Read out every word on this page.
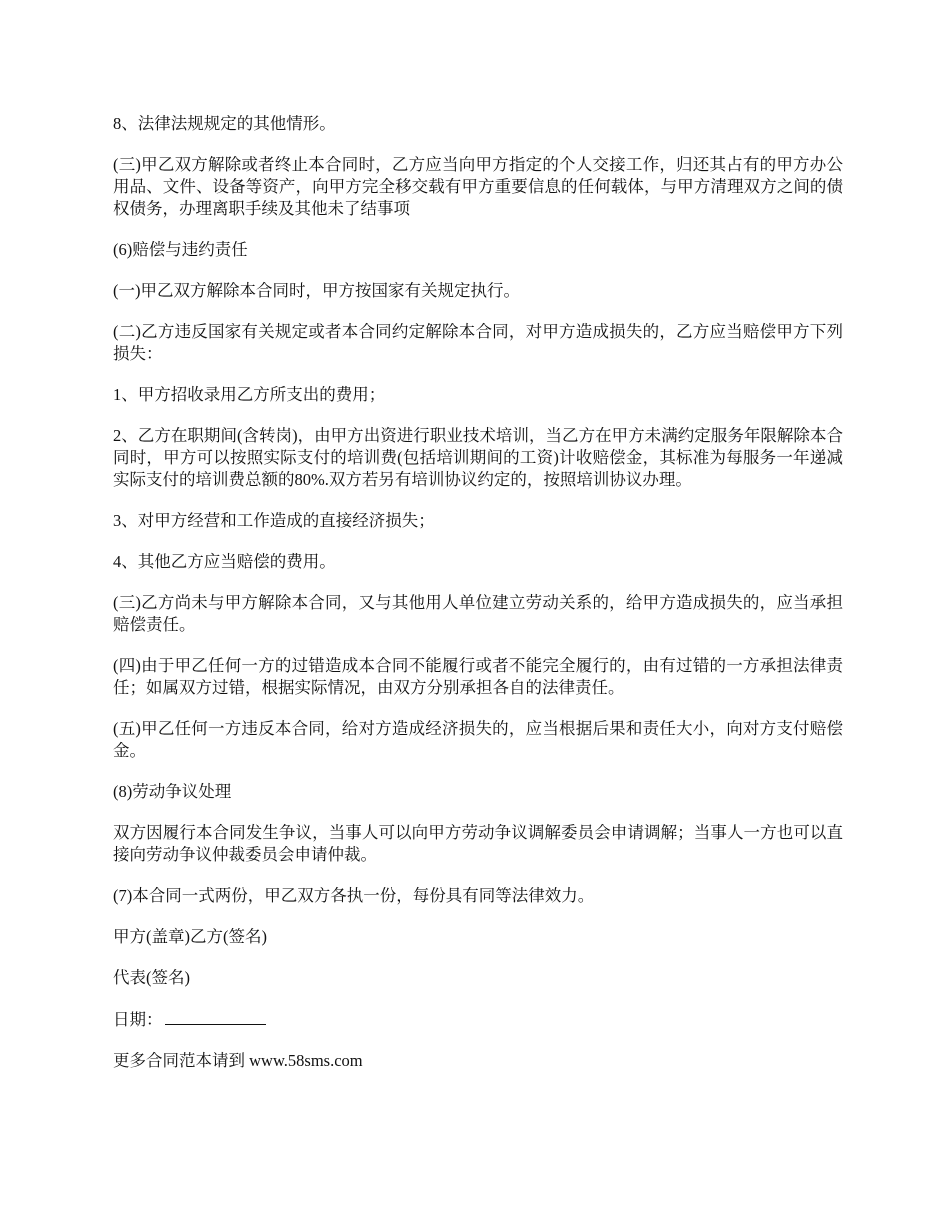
8、法律法规规定的其他情形。

(三)甲乙双方解除或者终止本合同时，乙方应当向甲方指定的个人交接工作，归还其占有的甲方办公用品、文件、设备等资产，向甲方完全移交载有甲方重要信息的任何载体，与甲方清理双方之间的债权债务，办理离职手续及其他未了结事项

(6)赔偿与违约责任

(一)甲乙双方解除本合同时，甲方按国家有关规定执行。

(二)乙方违反国家有关规定或者本合同约定解除本合同，对甲方造成损失的，乙方应当赔偿甲方下列损失：

1、甲方招收录用乙方所支出的费用；

2、乙方在职期间(含转岗)，由甲方出资进行职业技术培训，当乙方在甲方未满约定服务年限解除本合同时，甲方可以按照实际支付的培训费(包括培训期间的工资)计收赔偿金，其标准为每服务一年递减实际支付的培训费总额的80%.双方若另有培训协议约定的，按照培训协议办理。

3、对甲方经营和工作造成的直接经济损失；

4、其他乙方应当赔偿的费用。

(三)乙方尚未与甲方解除本合同，又与其他用人单位建立劳动关系的，给甲方造成损失的，应当承担赔偿责任。

(四)由于甲乙任何一方的过错造成本合同不能履行或者不能完全履行的，由有过错的一方承担法律责任；如属双方过错，根据实际情况，由双方分别承担各自的法律责任。

(五)甲乙任何一方违反本合同，给对方造成经济损失的，应当根据后果和责任大小，向对方支付赔偿金。

(8)劳动争议处理

双方因履行本合同发生争议，当事人可以向甲方劳动争议调解委员会申请调解；当事人一方也可以直接向劳动争议仲裁委员会申请仲裁。

(7)本合同一式两份，甲乙双方各执一份，每份具有同等法律效力。

甲方(盖章)乙方(签名)

代表(签名)

日期：

更多合同范本请到 www.58sms.com
